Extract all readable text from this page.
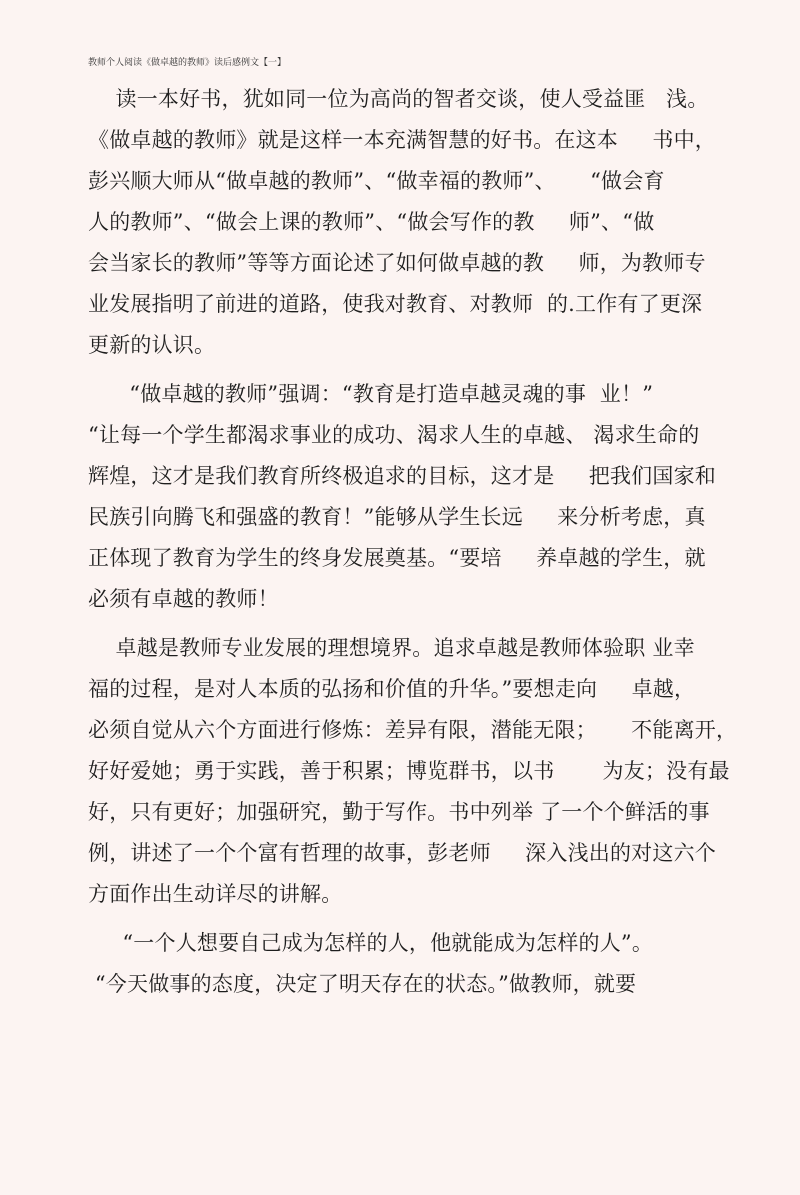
教师个人阅读《做卓越的教师》读后感例文【一】
读一本好书，犹如同一位为高尚的智者交谈，使人受益匪   浅。
《做卓越的教师》就是这样一本充满智慧的好书。在这本     书中，
彭兴顺大师从“做卓越的教师”、“做幸福的教师”、     “做会育
人的教师”、“做会上课的教师”、“做会写作的教     师”、“做
会当家长的教师”等等方面论述了如何做卓越的教     师，为教师专
业发展指明了前进的道路，使我对教育、对教师  的.工作有了更深
更新的认识。
“做卓越的教师”强调：“教育是打造卓越灵魂的事  业！”
“让每一个学生都渴求事业的成功、渴求人生的卓越、 渴求生命的
辉煌，这才是我们教育所终极追求的目标，这才是     把我们国家和
民族引向腾飞和强盛的教育！”能够从学生长远     来分析考虑，真
正体现了教育为学生的终身发展奠基。“要培     养卓越的学生，就
必须有卓越的教师！
卓越是教师专业发展的理想境界。追求卓越是教师体验职 业幸
福的过程，是对人本质的弘扬和价值的升华。”要想走向     卓越，
必须自觉从六个方面进行修炼：差异有限，潜能无限；     不能离开，
好好爱她；勇于实践，善于积累；博览群书，以书       为友；没有最
好，只有更好；加强研究，勤于写作。书中列举 了一个个鲜活的事
例，讲述了一个个富有哲理的故事，彭老师     深入浅出的对这六个
方面作出生动详尽的讲解。
“一个人想要自己成为怎样的人，他就能成为怎样的人”。
“今天做事的态度，决定了明天存在的状态。”做教师，就要
